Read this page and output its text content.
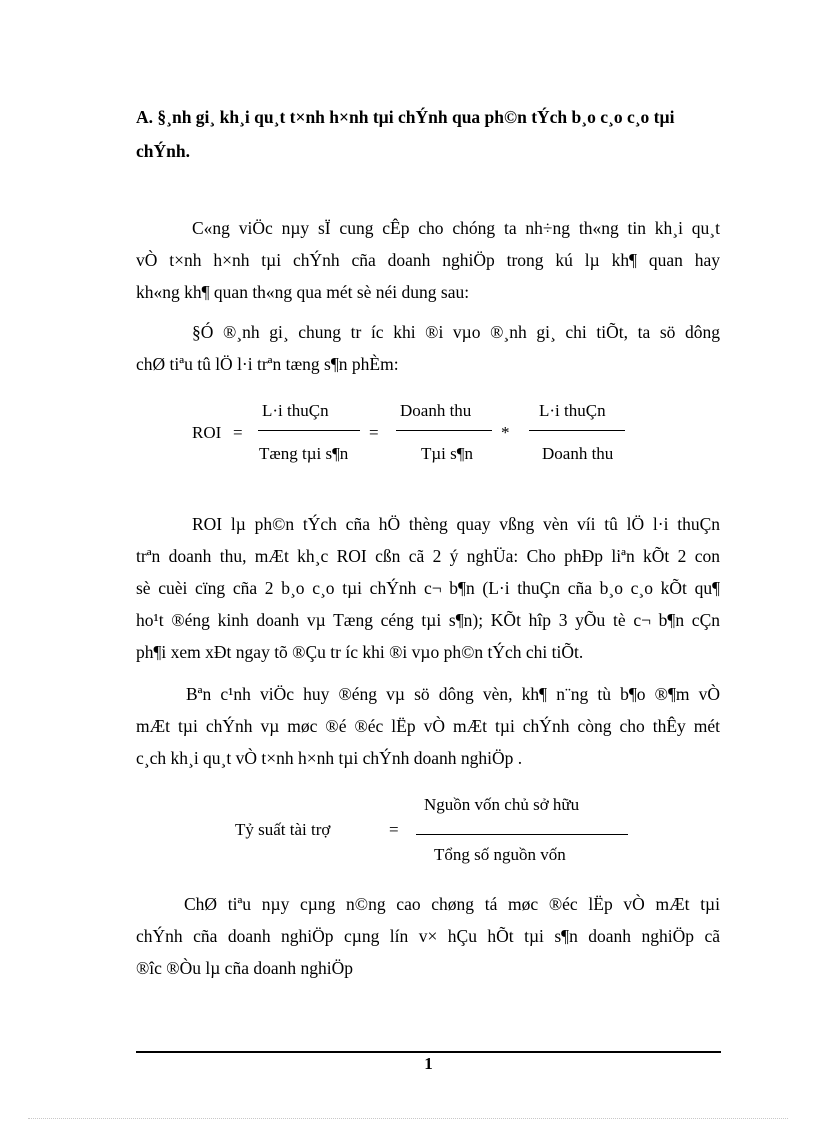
A. §¸nh gi¸ kh¸i qu¸t t×nh h×nh tµi chÝnh qua ph©n tÝch b¸o c¸o c¸o tµi
chÝnh.

C«ng viÖc nµy sÏ cung cÊp cho chóng ta nh÷ng th«ng tin kh¸i qu¸t
vÒ t×nh h×nh tµi chÝnh cña doanh nghiÖp trong kú lµ kh¶ quan hay
kh«ng kh¶ quan th«ng qua mét sè néi dung sau:

§Ó ®¸nh gi¸ chung tr íc khi ®i vµo ®¸nh gi¸ chi tiÕt, ta sö dông
chØ tiªu tû lÖ l·i trªn tæng s¶n phÈm:

ROI =
L·i thuÇn
Tæng tµi s¶n
=
Doanh thu
Tµi s¶n
*
L·i thuÇn
Doanh thu

ROI lµ ph©n tÝch cña hÖ thèng quay vßng vèn víi tû lÖ l·i thuÇn
trªn doanh thu, mÆt kh¸c ROI cßn cã 2 ý nghÜa: Cho phÐp liªn kÕt 2 con
sè cuèi cïng cña 2 b¸o c¸o tµi chÝnh c¬ b¶n (L·i thuÇn cña b¸o c¸o kÕt qu¶
ho¹t ®éng kinh doanh vµ Tæng céng tµi s¶n); KÕt hîp 3 yÕu tè c¬ b¶n cÇn
ph¶i xem xÐt ngay tõ ®Çu tr íc khi ®i vµo ph©n tÝch chi tiÕt.

Bªn c¹nh viÖc huy ®éng vµ sö dông vèn, kh¶ n¨ng tù b¶o ®¶m vÒ
mÆt tµi chÝnh vµ møc ®é ®éc lËp vÒ mÆt tµi chÝnh còng cho thÊy mét
c¸ch kh¸i qu¸t vÒ t×nh h×nh tµi chÝnh doanh nghiÖp .

Tỷ suất tài trợ	=
Nguồn vốn chủ sở hữu
Tổng số nguồn vốn

ChØ tiªu nµy cµng n©ng cao chøng tá møc ®éc lËp vÒ mÆt tµi
chÝnh cña doanh nghiÖp cµng lín v× hÇu hÕt tµi s¶n doanh nghiÖp cã
®îc ®Òu lµ cña doanh nghiÖp

1
